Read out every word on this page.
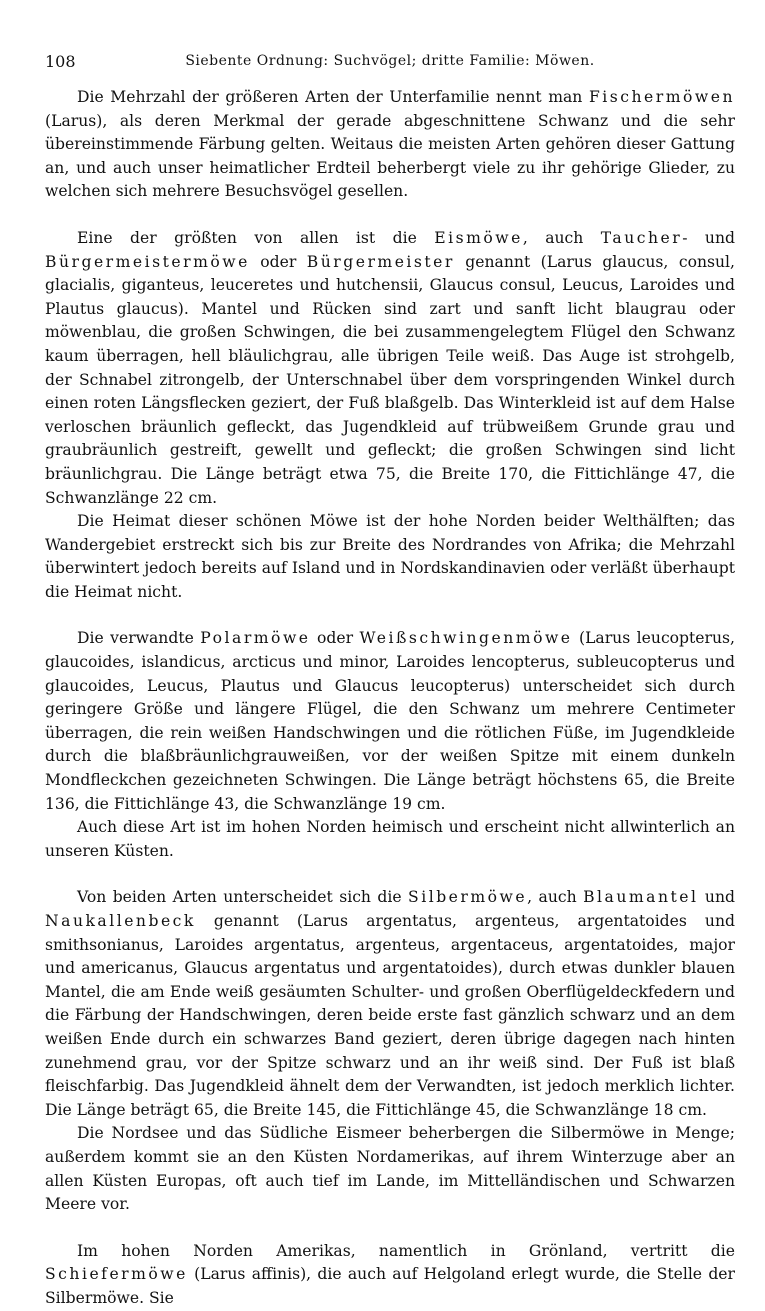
108	Siebente Ordnung: Suchvögel; dritte Familie: Möwen.

Die Mehrzahl der größeren Arten der Unterfamilie nennt man Fischermöwen (Larus), als deren Merkmal der gerade abgeschnittene Schwanz und die sehr übereinstimmende Färbung gelten. Weitaus die meisten Arten gehören dieser Gattung an, und auch unser heimatlicher Erdteil beherbergt viele zu ihr gehörige Glieder, zu welchen sich mehrere Besuchsvögel gesellen.

Eine der größten von allen ist die Eismöwe, auch Taucher- und Bürgermeistermöwe oder Bürgermeister genannt (Larus glaucus, consul, glacialis, giganteus, leuceretes und hutchensii, Glaucus consul, Leucus, Laroides und Plautus glaucus). Mantel und Rücken sind zart und sanft licht blaugrau oder möwenblau, die großen Schwingen, die bei zusammengelegtem Flügel den Schwanz kaum überragen, hell bläulichgrau, alle übrigen Teile weiß. Das Auge ist strohgelb, der Schnabel zitrongelb, der Unterschnabel über dem vorspringenden Winkel durch einen roten Längsflecken geziert, der Fuß blaßgelb. Das Winterkleid ist auf dem Halse verloschen bräunlich gefleckt, das Jugendkleid auf trübweißem Grunde grau und graubräunlich gestreift, gewellt und gefleckt; die großen Schwingen sind licht bräunlichgrau. Die Länge beträgt etwa 75, die Breite 170, die Fittichlänge 47, die Schwanzlänge 22 cm.

Die Heimat dieser schönen Möwe ist der hohe Norden beider Welthälften; das Wandergebiet erstreckt sich bis zur Breite des Nordrandes von Afrika; die Mehrzahl überwintert jedoch bereits auf Island und in Nordskandinavien oder verläßt überhaupt die Heimat nicht.

Die verwandte Polarmöwe oder Weißschwingenmöwe (Larus leucopterus, glaucoides, islandicus, arcticus und minor, Laroides lencopterus, subleucopterus und glaucoides, Leucus, Plautus und Glaucus leucopterus) unterscheidet sich durch geringere Größe und längere Flügel, die den Schwanz um mehrere Centimeter überragen, die rein weißen Handschwingen und die rötlichen Füße, im Jugendkleide durch die blaßbräunlichgrauweißen, vor der weißen Spitze mit einem dunkeln Mondfleckchen gezeichneten Schwingen. Die Länge beträgt höchstens 65, die Breite 136, die Fittichlänge 43, die Schwanzlänge 19 cm.

Auch diese Art ist im hohen Norden heimisch und erscheint nicht allwinterlich an unseren Küsten.

Von beiden Arten unterscheidet sich die Silbermöwe, auch Blaumantel und Naukallenbeck genannt (Larus argentatus, argenteus, argentatoides und smithsonianus, Laroides argentatus, argenteus, argentaceus, argentatoides, major und americanus, Glaucus argentatus und argentatoides), durch etwas dunkler blauen Mantel, die am Ende weiß gesäumten Schulter- und großen Oberflügeldeckfedern und die Färbung der Handschwingen, deren beide erste fast gänzlich schwarz und an dem weißen Ende durch ein schwarzes Band geziert, deren übrige dagegen nach hinten zunehmend grau, vor der Spitze schwarz und an ihr weiß sind. Der Fuß ist blaß fleischfarbig. Das Jugendkleid ähnelt dem der Verwandten, ist jedoch merklich lichter. Die Länge beträgt 65, die Breite 145, die Fittichlänge 45, die Schwanzlänge 18 cm.

Die Nordsee und das Südliche Eismeer beherbergen die Silbermöwe in Menge; außerdem kommt sie an den Küsten Nordamerikas, auf ihrem Winterzuge aber an allen Küsten Europas, oft auch tief im Lande, im Mittelländischen und Schwarzen Meere vor.

Im hohen Norden Amerikas, namentlich in Grönland, vertritt die Schiefermöwe (Larus affinis), die auch auf Helgoland erlegt wurde, die Stelle der Silbermöwe. Sie
